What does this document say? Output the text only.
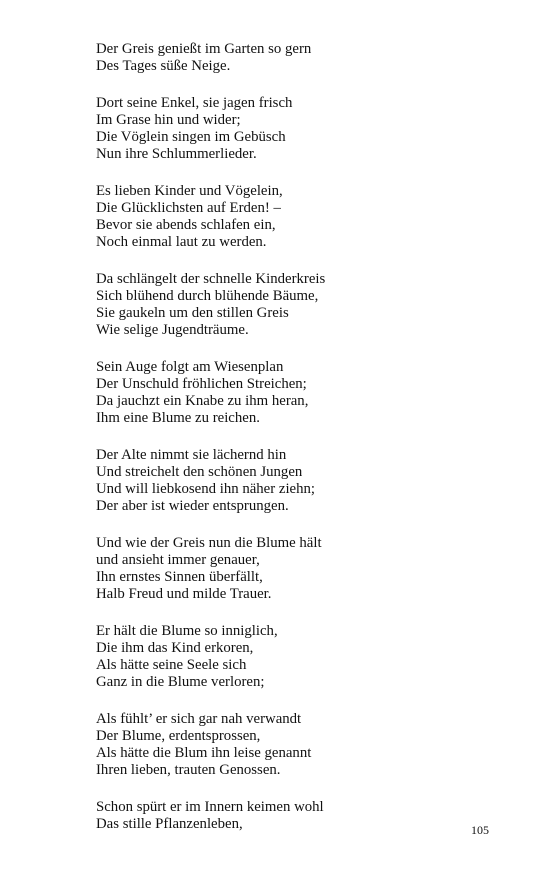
Der Greis genießt im Garten so gern
Des Tages süße Neige.
Dort seine Enkel, sie jagen frisch
Im Grase hin und wider;
Die Vöglein singen im Gebüsch
Nun ihre Schlummerlieder.
Es lieben Kinder und Vögelein,
Die Glücklichsten auf Erden! –
Bevor sie abends schlafen ein,
Noch einmal laut zu werden.
Da schlängelt der schnelle Kinderkreis
Sich blühend durch blühende Bäume,
Sie gaukeln um den stillen Greis
Wie selige Jugendträume.
Sein Auge folgt am Wiesenplan
Der Unschuld fröhlichen Streichen;
Da jauchzt ein Knabe zu ihm heran,
Ihm eine Blume zu reichen.
Der Alte nimmt sie lächernd hin
Und streichelt den schönen Jungen
Und will liebkosend ihn näher ziehn;
Der aber ist wieder entsprungen.
Und wie der Greis nun die Blume hält
und ansieht immer genauer,
Ihn ernstes Sinnen überfällt,
Halb Freud und milde Trauer.
Er hält die Blume so inniglich,
Die ihm das Kind erkoren,
Als hätte seine Seele sich
Ganz in die Blume verloren;
Als fühlt’ er sich gar nah verwandt
Der Blume, erdentsprossen,
Als hätte die Blum ihn leise genannt
Ihren lieben, trauten Genossen.
Schon spürt er im Innern keimen wohl
Das stille Pflanzenleben,	105
